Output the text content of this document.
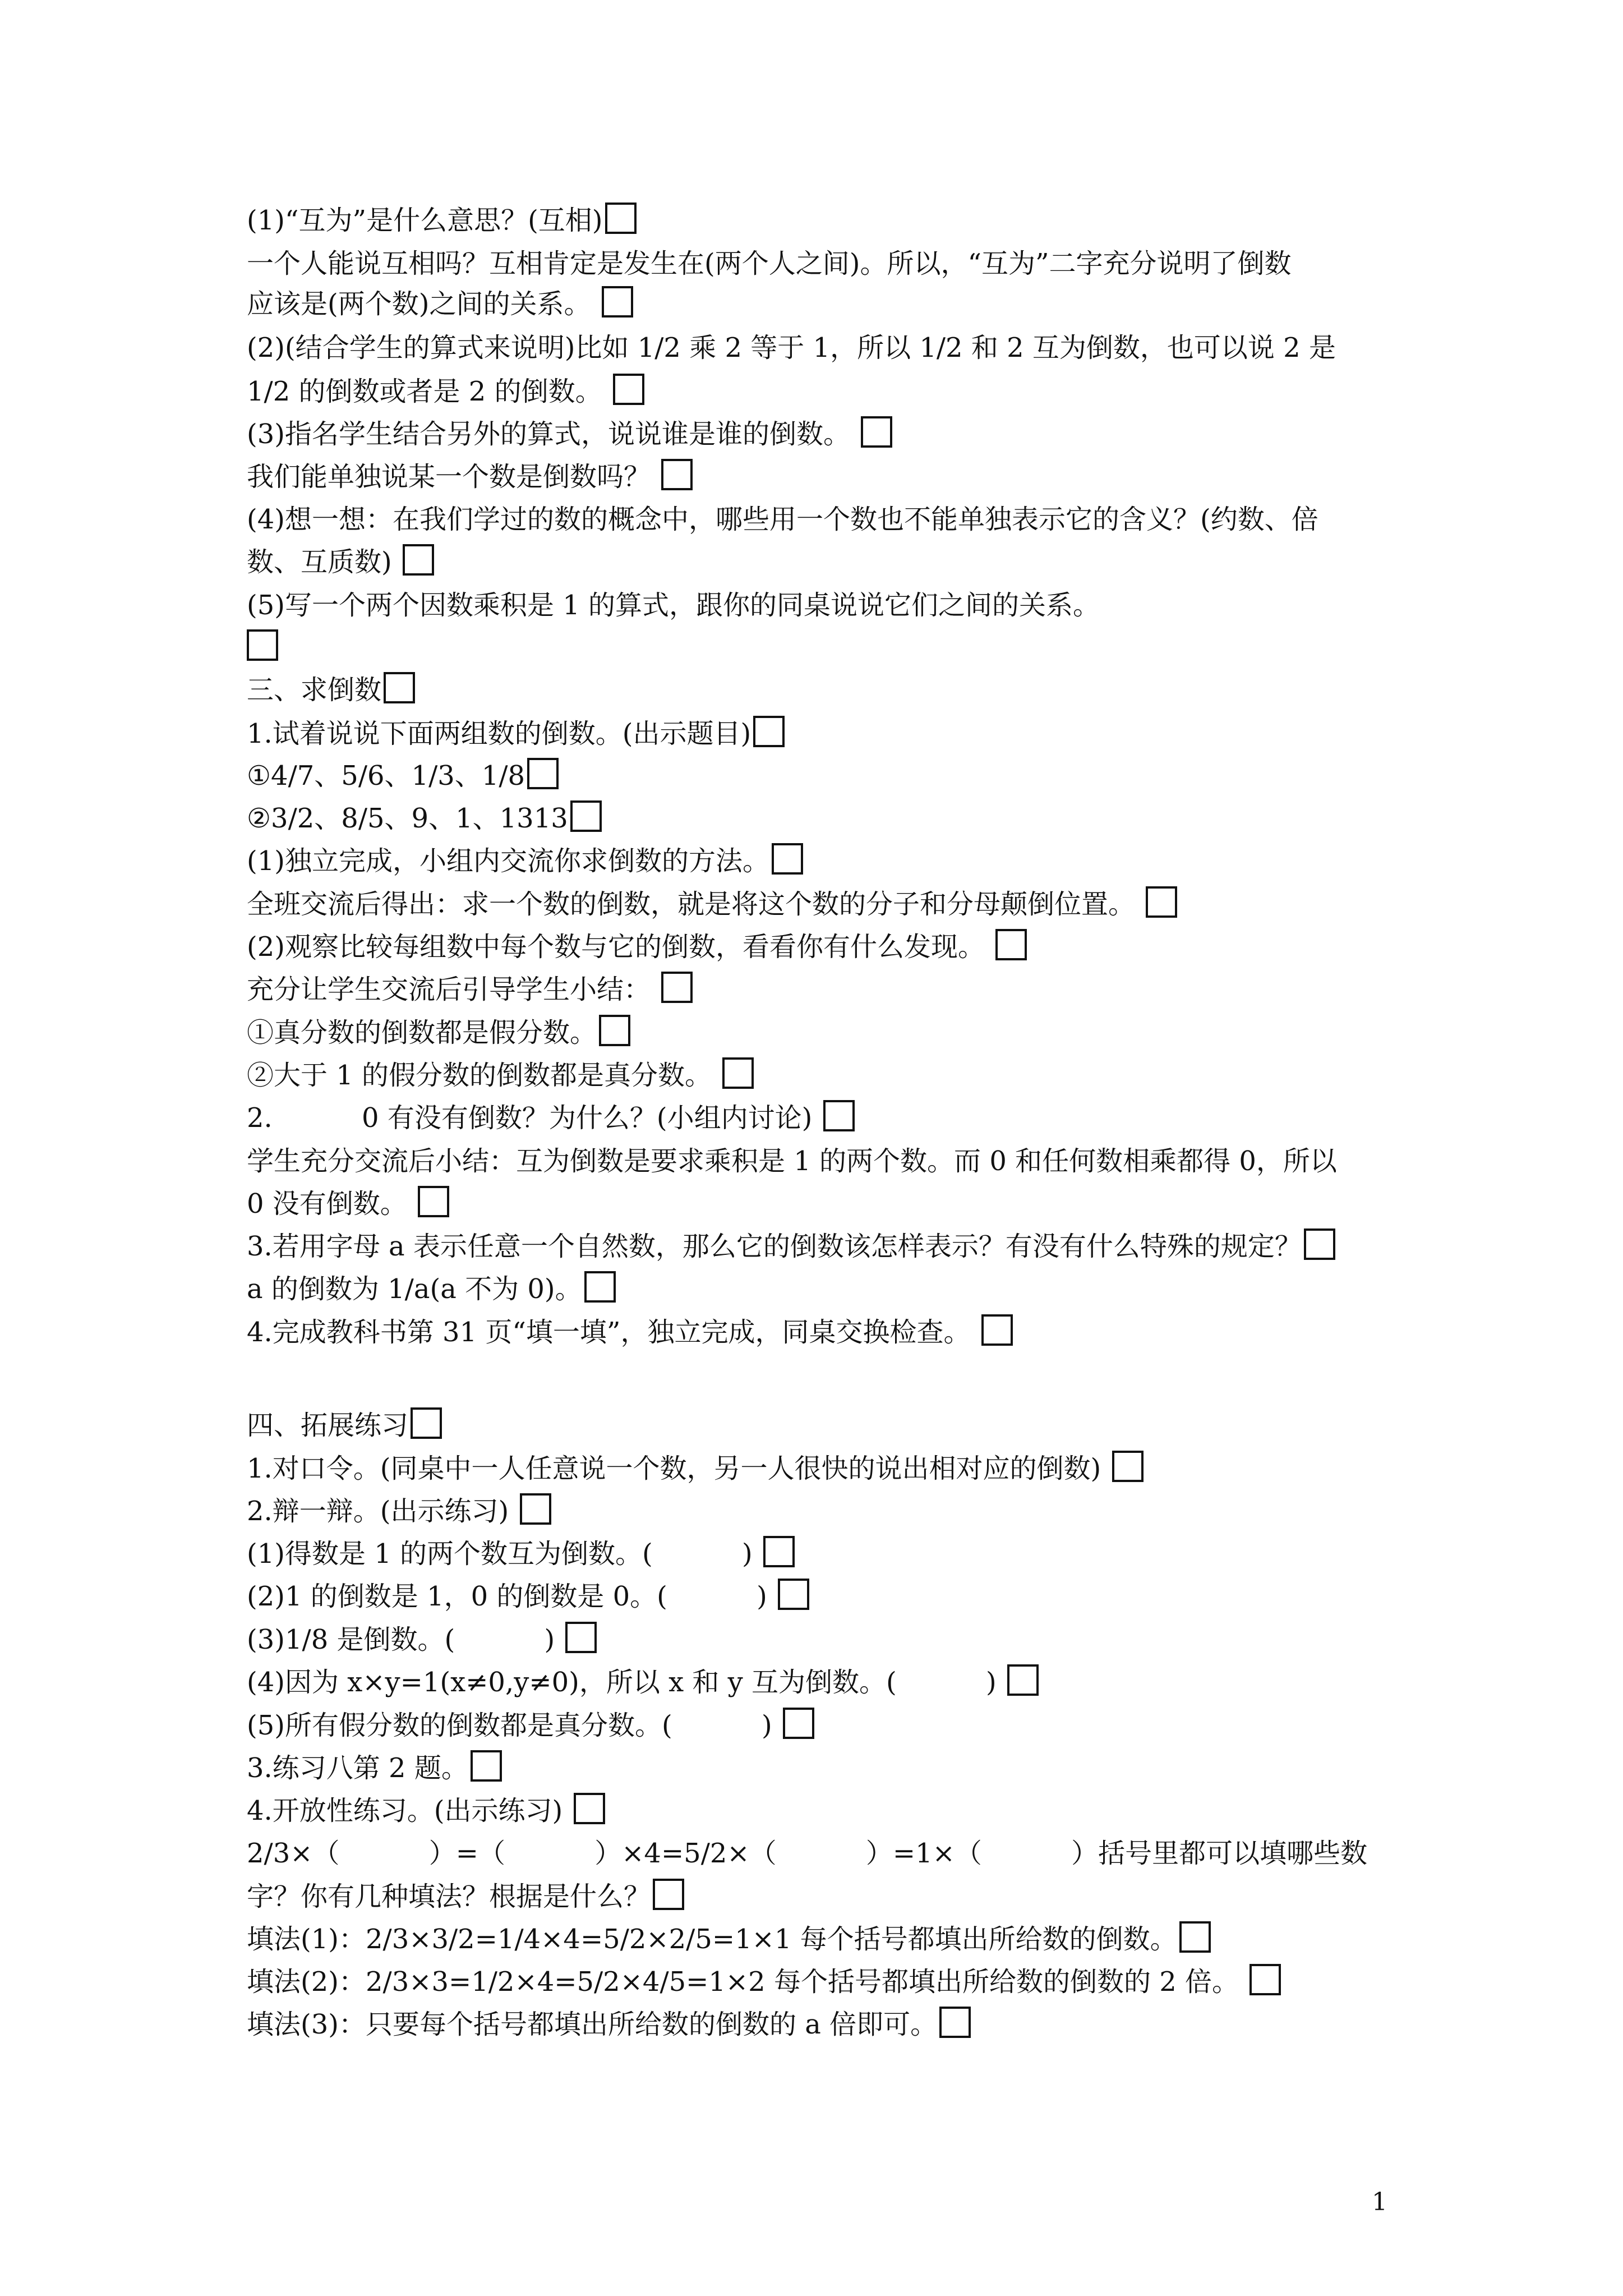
(1)“互为”是什么意思？(互相)
一个人能说互相吗？互相肯定是发生在(两个人之间)。所以，“互为”二字充分说明了倒数
应该是(两个数)之间的关系。
(2)(结合学生的算式来说明)比如 1/2 乘 2 等于 1，所以 1/2 和 2 互为倒数，也可以说 2 是
1/2 的倒数或者是 2 的倒数。
(3)指名学生结合另外的算式，说说谁是谁的倒数。
我们能单独说某一个数是倒数吗？
(4)想一想：在我们学过的数的概念中，哪些用一个数也不能单独表示它的含义？(约数、倍
数、互质数)
(5)写一个两个因数乘积是 1 的算式，跟你的同桌说说它们之间的关系。
三、求倒数
1.试着说说下面两组数的倒数。(出示题目)
①4/7、5/6、1/3、1/8
②3/2、8/5、9、1、1313
(1)独立完成，小组内交流你求倒数的方法。
全班交流后得出：求一个数的倒数，就是将这个数的分子和分母颠倒位置。
(2)观察比较每组数中每个数与它的倒数，看看你有什么发现。
充分让学生交流后引导学生小结：
①真分数的倒数都是假分数。
②大于 1 的假分数的倒数都是真分数。
2.　　　 0 有没有倒数？为什么？(小组内讨论)
学生充分交流后小结：互为倒数是要求乘积是 1 的两个数。而 0 和任何数相乘都得 0，所以
0 没有倒数。
3.若用字母 a 表示任意一个自然数，那么它的倒数该怎样表示？有没有什么特殊的规定？
a 的倒数为 1/a(a 不为 0)。
4.完成教科书第 31 页“填一填”，独立完成，同桌交换检查。
四、拓展练习
1.对口令。(同桌中一人任意说一个数，另一人很快的说出相对应的倒数)
2.辩一辩。(出示练习)
(1)得数是 1 的两个数互为倒数。(　　　 )
(2)1 的倒数是 1，0 的倒数是 0。(　　　 )
(3)1/8 是倒数。(　　　 )
(4)因为 x×y=1(x≠0,y≠0)，所以 x 和 y 互为倒数。(　　　 )
(5)所有假分数的倒数都是真分数。(　　　 )
3.练习八第 2 题。
4.开放性练习。(出示练习)
2/3×（　　　 ）=（　　　 ）×4=5/2×（　　　 ）=1×（　　　 ）括号里都可以填哪些数
字？你有几种填法？根据是什么？
填法(1)：2/3×3/2=1/4×4=5/2×2/5=1×1 每个括号都填出所给数的倒数。
填法(2)：2/3×3=1/2×4=5/2×4/5=1×2 每个括号都填出所给数的倒数的 2 倍。
填法(3)：只要每个括号都填出所给数的倒数的 a 倍即可。
1
